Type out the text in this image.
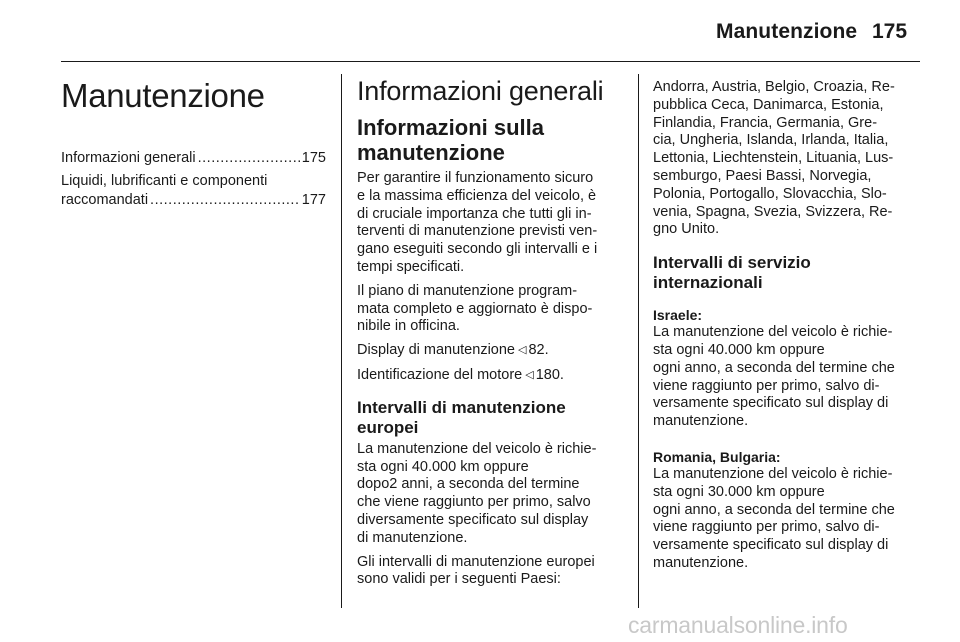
Manutenzione 175
Manutenzione
Informazioni generali .....	175
Liquidi, lubrificanti e componenti
raccomandati .....	177
Informazioni generali
Informazioni sulla
manutenzione
Per garantire il funzionamento sicuro
e la massima efficienza del veicolo, è
di cruciale importanza che tutti gli in-
terventi di manutenzione previsti ven-
gano eseguiti secondo gli intervalli e i
tempi specificati.
Il piano di manutenzione program-
mata completo e aggiornato è dispo-
nibile in officina.
Display di manutenzione ◁ 82.
Identificazione del motore ◁ 180.
Intervalli di manutenzione
europei
La manutenzione del veicolo è richie-
sta ogni 40.000 km oppure
dopo2 anni, a seconda del termine
che viene raggiunto per primo, salvo
diversamente specificato sul display
di manutenzione.
Gli intervalli di manutenzione europei
sono validi per i seguenti Paesi:
Andorra, Austria, Belgio, Croazia, Re-
pubblica Ceca, Danimarca, Estonia,
Finlandia, Francia, Germania, Gre-
cia, Ungheria, Islanda, Irlanda, Italia,
Lettonia, Liechtenstein, Lituania, Lus-
semburgo, Paesi Bassi, Norvegia,
Polonia, Portogallo, Slovacchia, Slo-
venia, Spagna, Svezia, Svizzera, Re-
gno Unito.
Intervalli di servizio
internazionali
Israele:
La manutenzione del veicolo è richie-
sta ogni 40.000 km oppure
ogni anno, a seconda del termine che
viene raggiunto per primo, salvo di-
versamente specificato sul display di
manutenzione.
Romania, Bulgaria:
La manutenzione del veicolo è richie-
sta ogni 30.000 km oppure
ogni anno, a seconda del termine che
viene raggiunto per primo, salvo di-
versamente specificato sul display di
manutenzione.
carmanualsonline.info
